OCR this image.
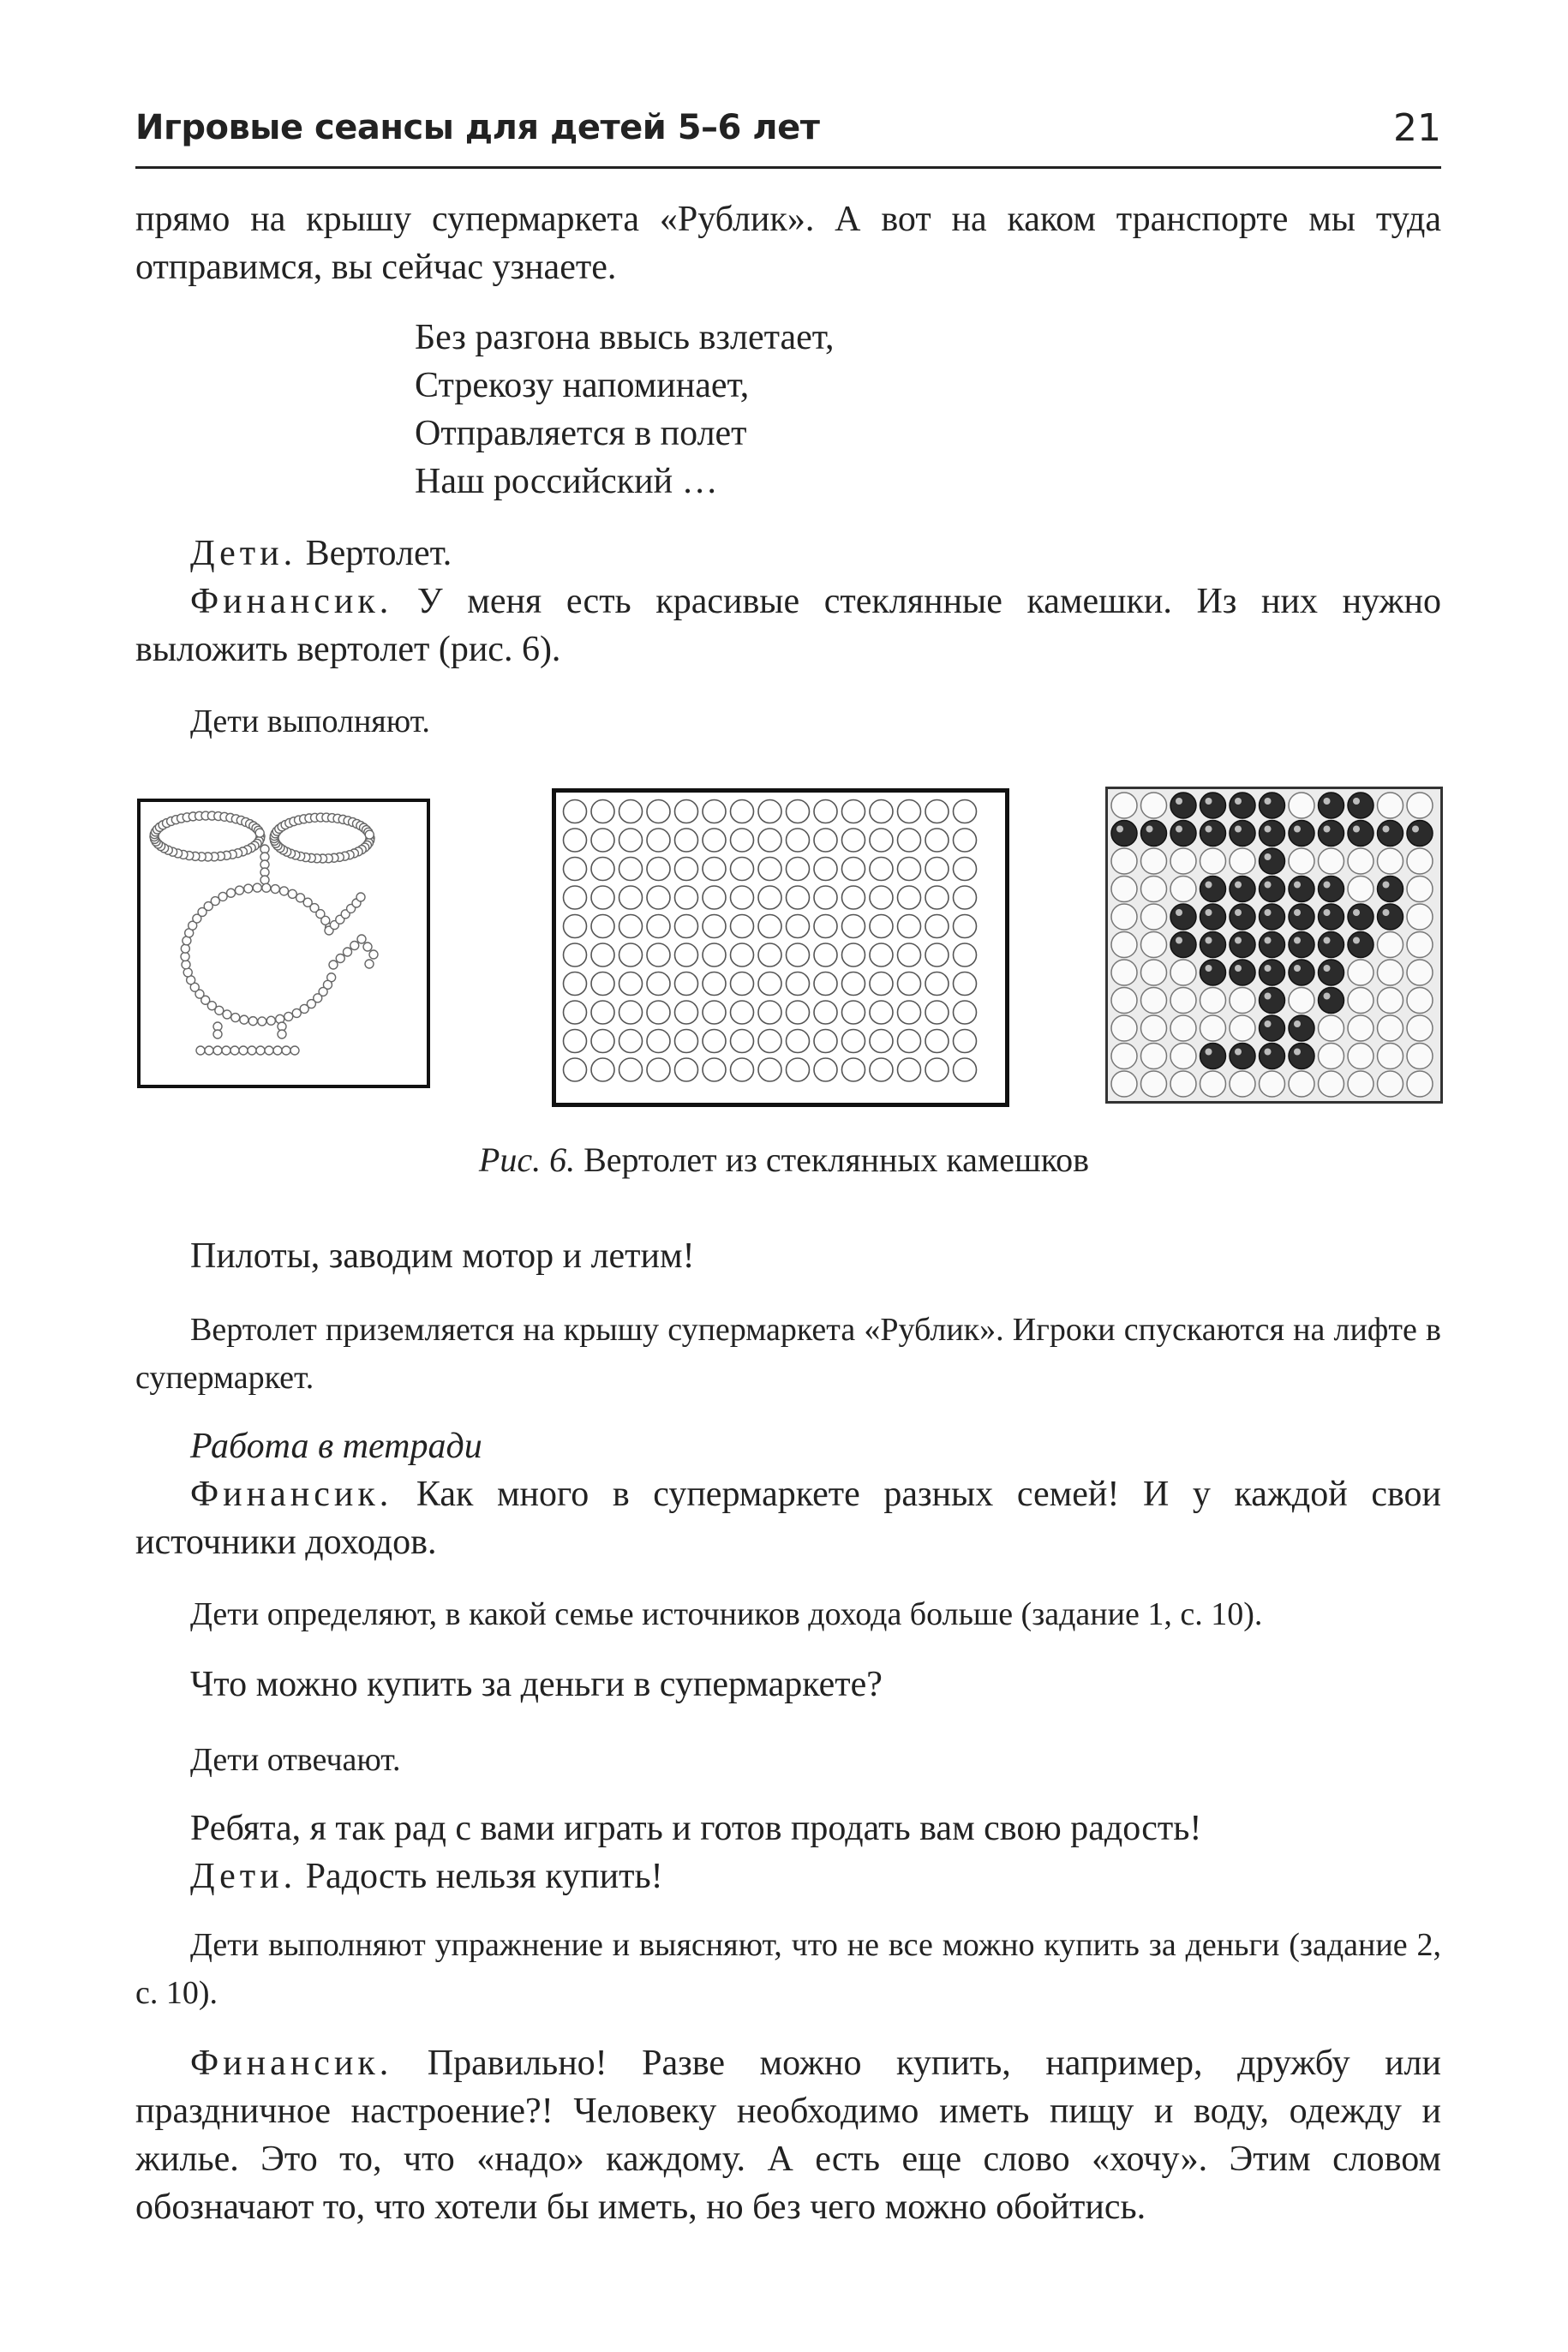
Игровые сеансы для детей 5–6 лет	21

прямо на крышу супермаркета «Рублик». А вот на каком транспорте мы туда отправимся, вы сейчас узнаете.

Без разгона ввысь взлетает,
Стрекозу напоминает,
Отправляется в полет
Наш российский …

Дети. Вертолет.

Финансик. У меня есть красивые стеклянные камешки. Из них нужно выложить вертолет (рис. 6).

Дети выполняют.

Рис. 6. Вертолет из стеклянных камешков

Пилоты, заводим мотор и летим!

Вертолет приземляется на крышу супермаркета «Рублик». Игроки спускаются на лифте в супермаркет.

Работа в тетради

Финансик. Как много в супермаркете разных семей! И у каждой свои источники доходов.

Дети определяют, в какой семье источников дохода больше (задание 1, с. 10).

Что можно купить за деньги в супермаркете?

Дети отвечают.

Ребята, я так рад с вами играть и готов продать вам свою радость!

Дети. Радость нельзя купить!

Дети выполняют упражнение и выясняют, что не все можно купить за деньги (задание 2, с. 10).

Финансик. Правильно! Разве можно купить, например, дружбу или праздничное настроение?! Человеку необходимо иметь пищу и воду, одежду и жилье. Это то, что «надо» каждому. А есть еще слово «хочу». Этим словом обозначают то, что хотели бы иметь, но без чего можно обойтись.
